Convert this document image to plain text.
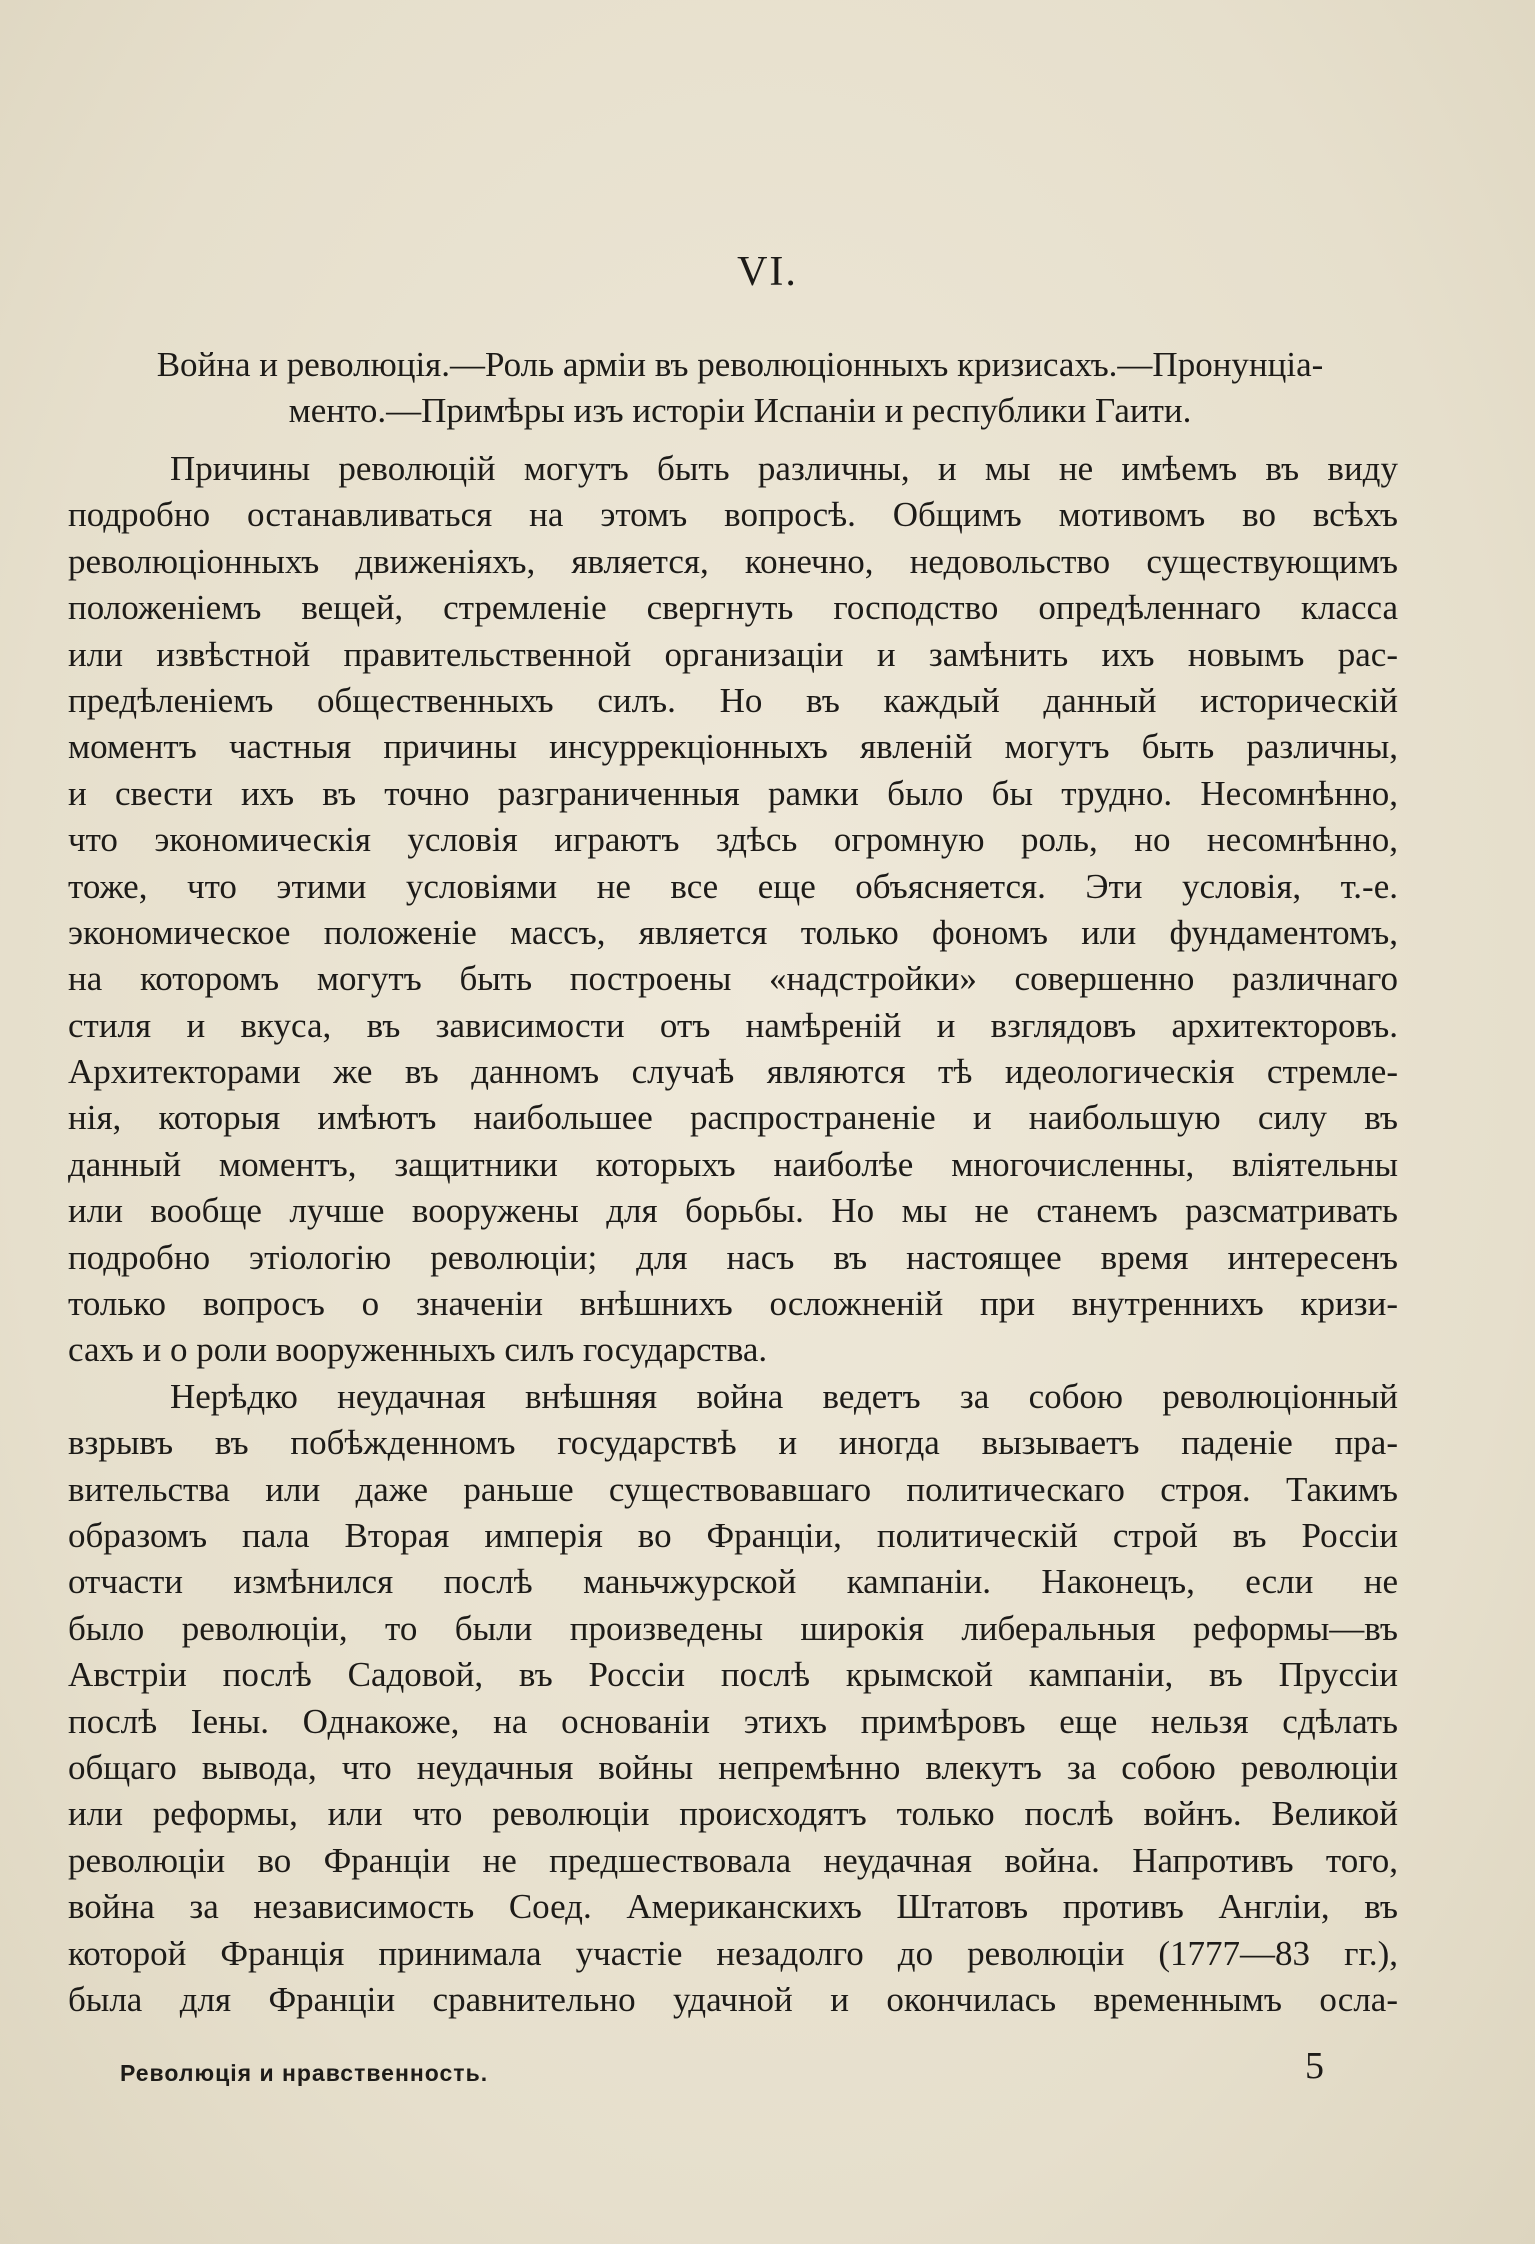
VI.
Война и революція.—Роль арміи въ революціонныхъ кризисахъ.—Пронунціа-
менто.—Примѣры изъ исторіи Испаніи и республики Гаити.
Причины революцій могутъ быть различны, и мы не имѣемъ въ виду
подробно останавливаться на этомъ вопросѣ. Общимъ мотивомъ во всѣхъ
революціонныхъ движеніяхъ, является, конечно, недовольство существующимъ
положеніемъ вещей, стремленіе свергнуть господство опредѣленнаго класса
или извѣстной правительственной организаціи и замѣнить ихъ новымъ рас-
предѣленіемъ общественныхъ силъ. Но въ каждый данный историческій
моментъ частныя причины инсуррекціонныхъ явленій могутъ быть различны,
и свести ихъ въ точно разграниченныя рамки было бы трудно. Несомнѣнно,
что экономическія условія играютъ здѣсь огромную роль, но несомнѣнно,
тоже, что этими условіями не все еще объясняется. Эти условія, т.-е.
экономическое положеніе массъ, является только фономъ или фундаментомъ,
на которомъ могутъ быть построены «надстройки» совершенно различнаго
стиля и вкуса, въ зависимости отъ намѣреній и взглядовъ архитекторовъ.
Архитекторами же въ данномъ случаѣ являются тѣ идеологическія стремле-
нія, которыя имѣютъ наибольшее распространеніе и наибольшую силу въ
данный моментъ, защитники которыхъ наиболѣе многочисленны, вліятельны
или вообще лучше вооружены для борьбы. Но мы не станемъ разсматривать
подробно этіологію революціи; для насъ въ настоящее время интересенъ
только вопросъ о значеніи внѣшнихъ осложненій при внутреннихъ кризи-
сахъ и о роли вооруженныхъ силъ государства.
Нерѣдко неудачная внѣшняя война ведетъ за собою революціонный
взрывъ въ побѣжденномъ государствѣ и иногда вызываетъ паденіе пра-
вительства или даже раньше существовавшаго политическаго строя. Такимъ
образомъ пала Вторая имперія во Франціи, политическій строй въ Россіи
отчасти измѣнился послѣ маньчжурской кампаніи. Наконецъ, если не
было революціи, то были произведены широкія либеральныя реформы—въ
Австріи послѣ Садовой, въ Россіи послѣ крымской кампаніи, въ Пруссіи
послѣ Іены. Однакоже, на основаніи этихъ примѣровъ еще нельзя сдѣлать
общаго вывода, что неудачныя войны непремѣнно влекутъ за собою революціи
или реформы, или что революціи происходятъ только послѣ войнъ. Великой
революціи во Франціи не предшествовала неудачная война. Напротивъ того,
война за независимость Соед. Американскихъ Штатовъ противъ Англіи, въ
которой Франція принимала участіе незадолго до революціи (1777—83 гг.),
была для Франціи сравнительно удачной и окончилась временнымъ осла-
Революція и нравственность.	5
